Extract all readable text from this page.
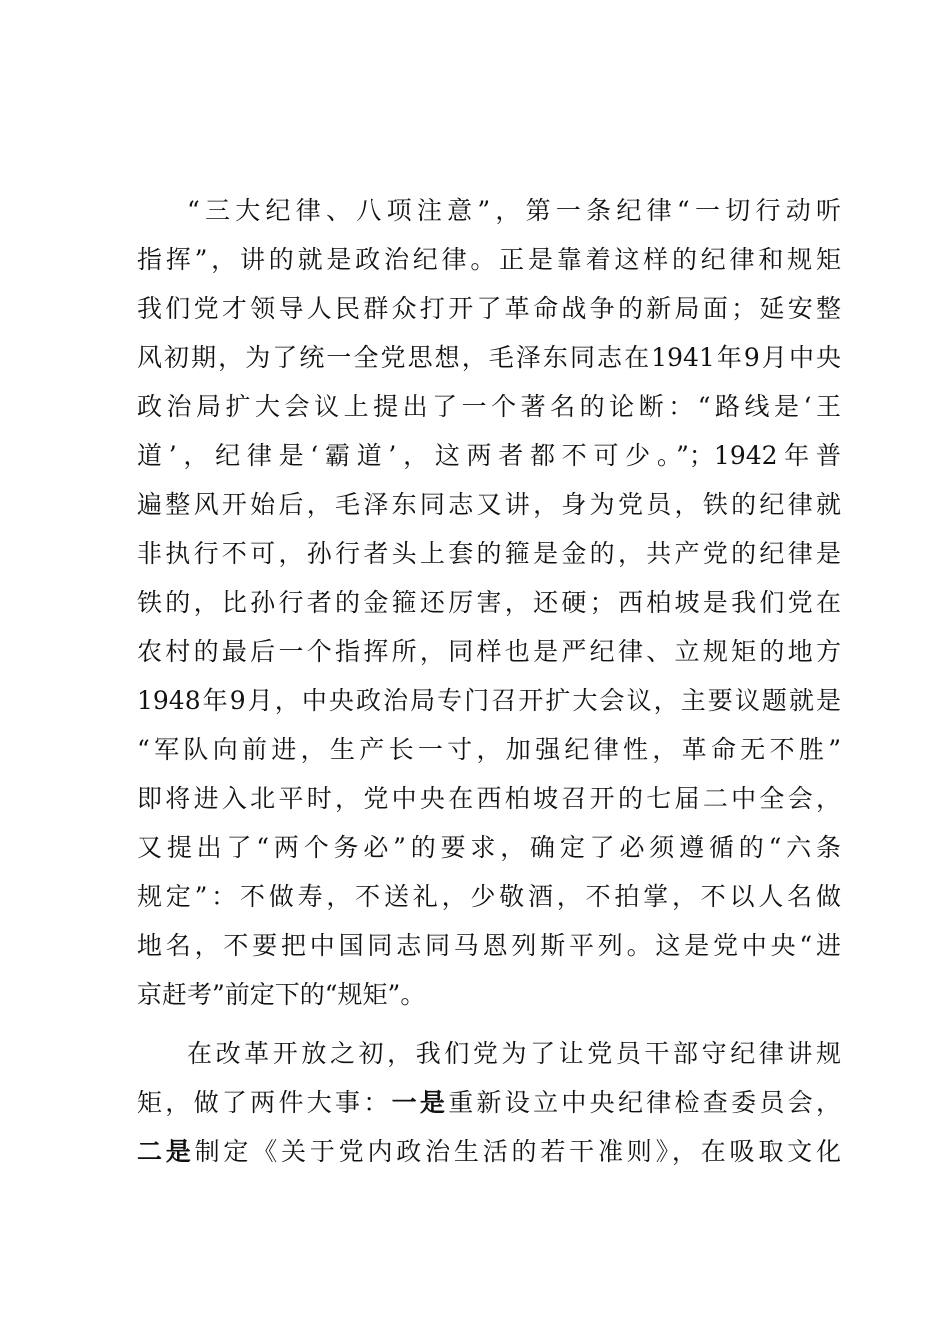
“三大纪律、八项注意”，第一条纪律“一切行动听
指挥”，讲的就是政治纪律。正是靠着这样的纪律和规矩
我们党才领导人民群众打开了革命战争的新局面；延安整
风初期，为了统一全党思想，毛泽东同志在1941年9月中央
政治局扩大会议上提出了一个著名的论断：“路线是‘王
道’，纪律是‘霸道’，这两者都不可少。”；1942年普
遍整风开始后，毛泽东同志又讲，身为党员，铁的纪律就
非执行不可，孙行者头上套的箍是金的，共产党的纪律是
铁的，比孙行者的金箍还厉害，还硬；西柏坡是我们党在
农村的最后一个指挥所，同样也是严纪律、立规矩的地方
1948年9月，中央政治局专门召开扩大会议，主要议题就是
“军队向前进，生产长一寸，加强纪律性，革命无不胜”
即将进入北平时，党中央在西柏坡召开的七届二中全会，
又提出了“两个务必”的要求，确定了必须遵循的“六条
规定”：不做寿，不送礼，少敬酒，不拍掌，不以人名做
地名，不要把中国同志同马恩列斯平列。这是党中央“进
京赶考”前定下的“规矩”。
在改革开放之初，我们党为了让党员干部守纪律讲规
矩，做了两件大事：一是重新设立中央纪律检查委员会，
二是制定《关于党内政治生活的若干准则》，在吸取文化
